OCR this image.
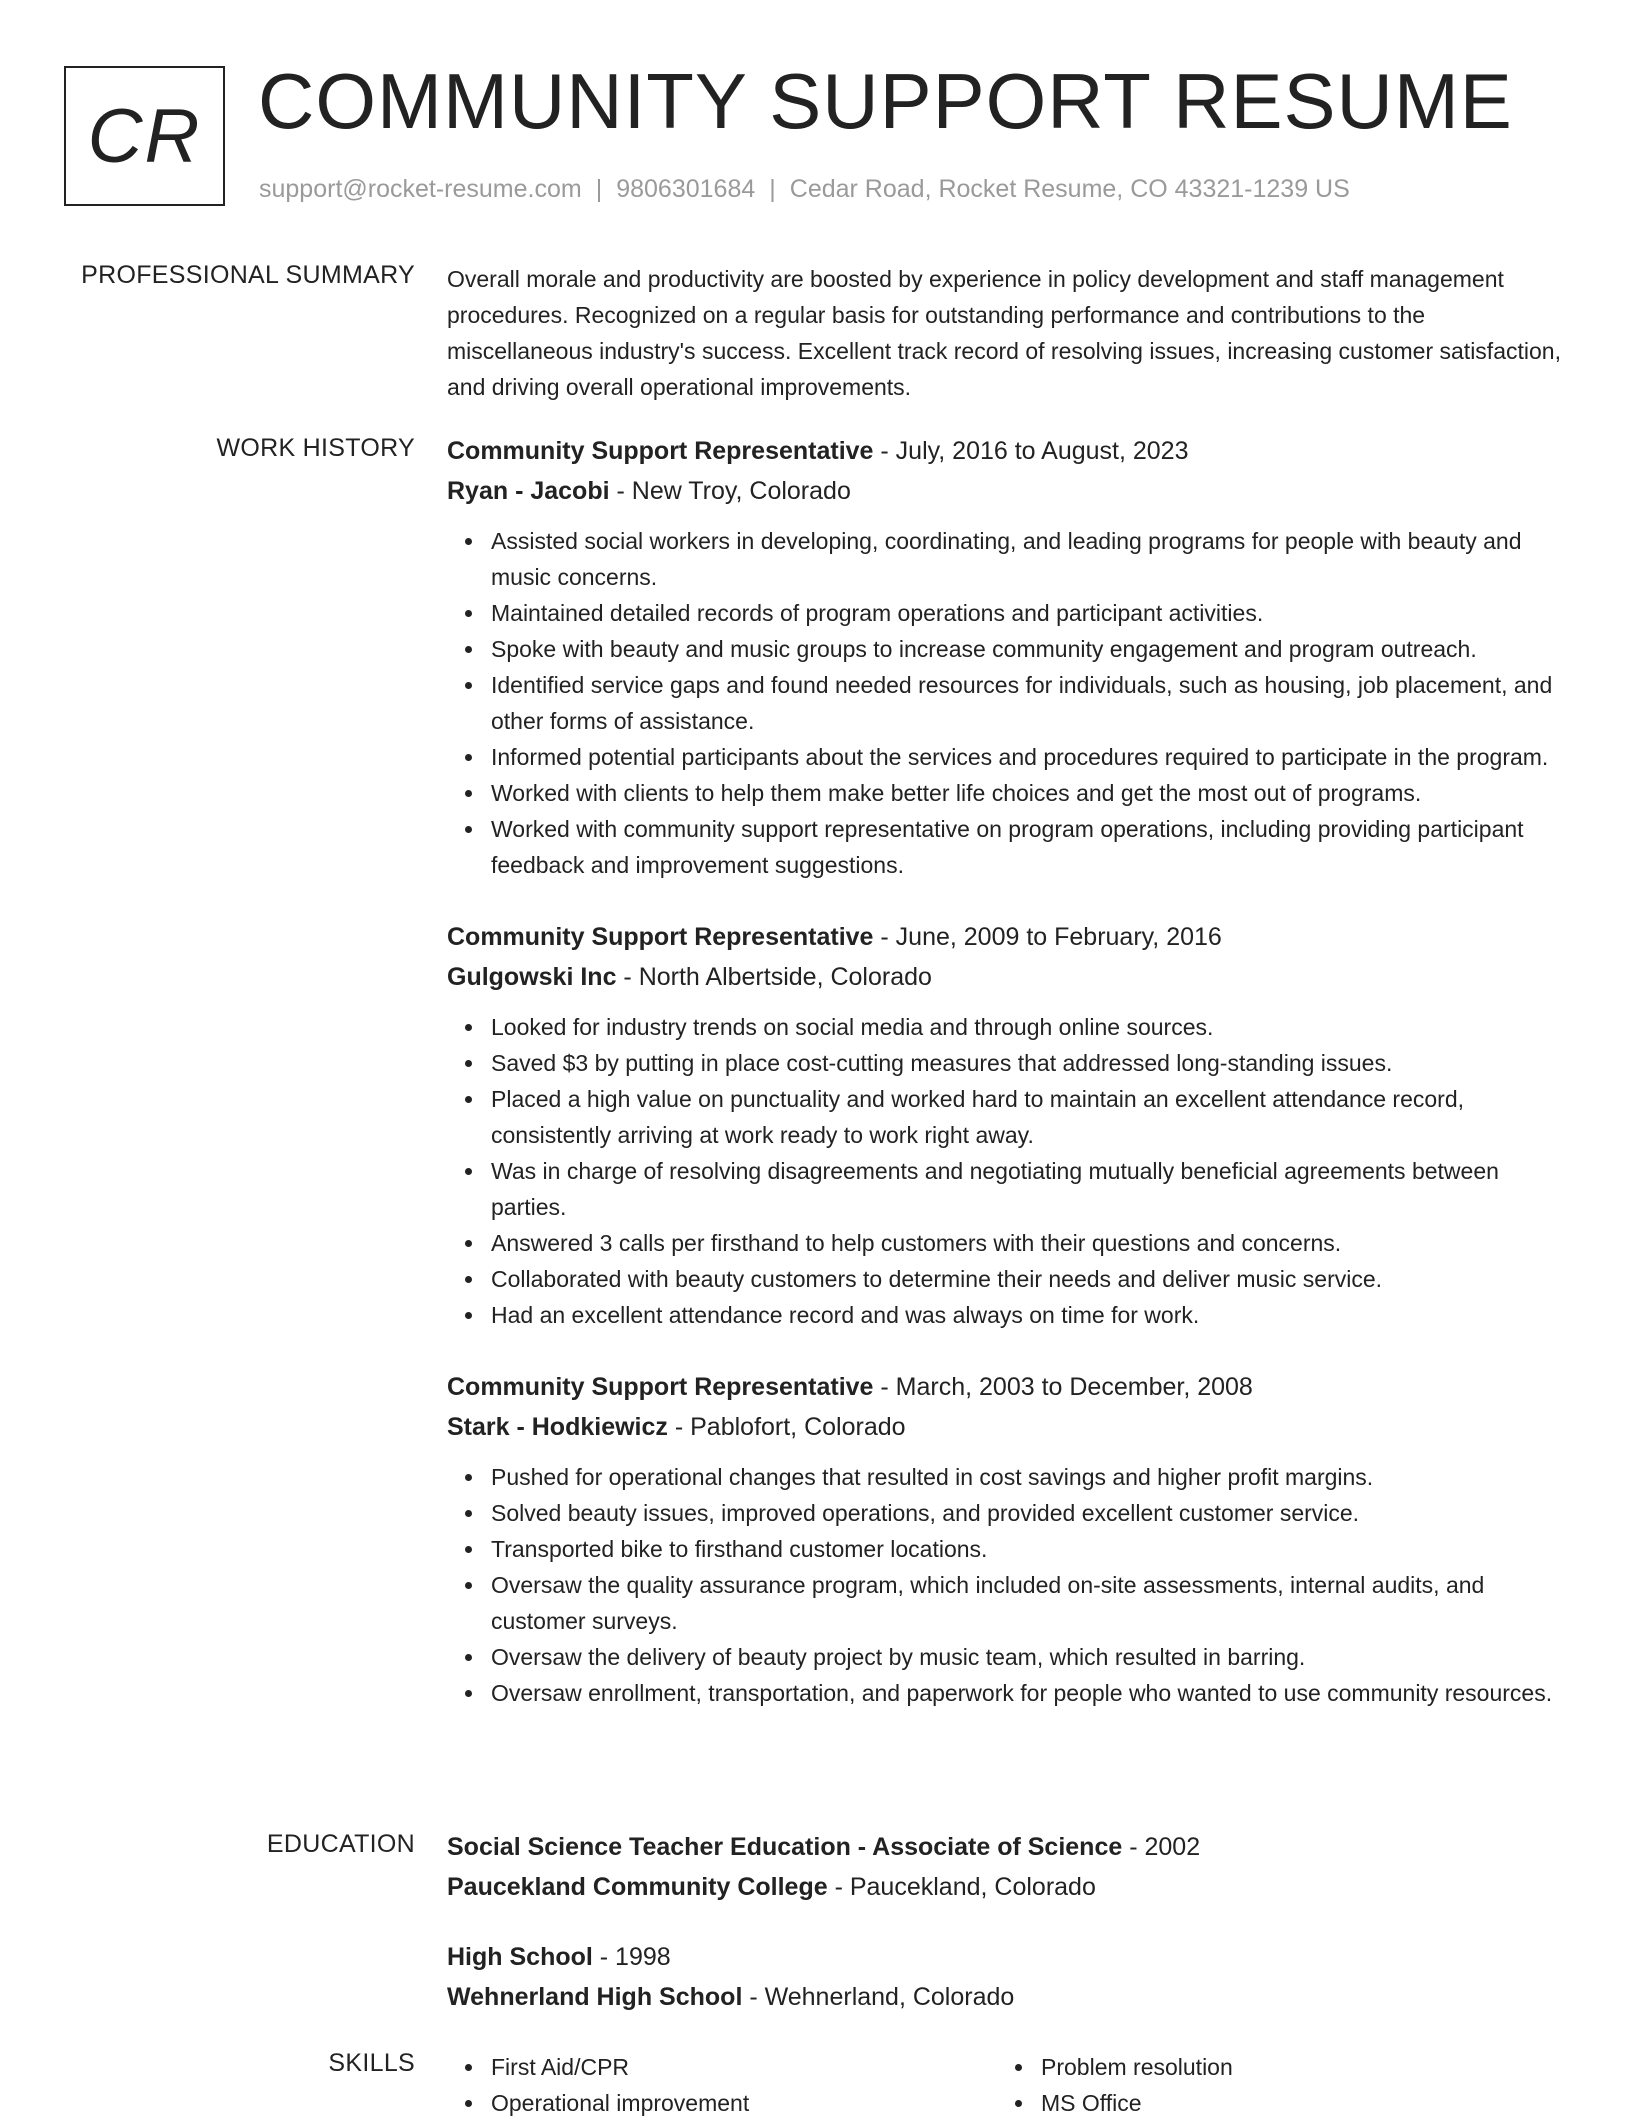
CR COMMUNITY SUPPORT RESUME
support@rocket-resume.com | 9806301684 | Cedar Road, Rocket Resume, CO 43321-1239 US
PROFESSIONAL SUMMARY Overall morale and productivity are boosted by experience in policy development and staff management procedures. Recognized on a regular basis for outstanding performance and contributions to the miscellaneous industry's success. Excellent track record of resolving issues, increasing customer satisfaction, and driving overall operational improvements.

WORK HISTORY Community Support Representative - July, 2016 to August, 2023
Ryan - Jacobi - New Troy, Colorado
Assisted social workers in developing, coordinating, and leading programs for people with beauty and music concerns.
Maintained detailed records of program operations and participant activities.
Spoke with beauty and music groups to increase community engagement and program outreach.
Identified service gaps and found needed resources for individuals, such as housing, job placement, and other forms of assistance.
Informed potential participants about the services and procedures required to participate in the program.
Worked with clients to help them make better life choices and get the most out of programs.
Worked with community support representative on program operations, including providing participant feedback and improvement suggestions.
Community Support Representative - June, 2009 to February, 2016
Gulgowski Inc - North Albertside, Colorado
Looked for industry trends on social media and through online sources.
Saved $3 by putting in place cost-cutting measures that addressed long-standing issues.
Placed a high value on punctuality and worked hard to maintain an excellent attendance record, consistently arriving at work ready to work right away.
Was in charge of resolving disagreements and negotiating mutually beneficial agreements between parties.
Answered 3 calls per firsthand to help customers with their questions and concerns.
Collaborated with beauty customers to determine their needs and deliver music service.
Had an excellent attendance record and was always on time for work.
Community Support Representative - March, 2003 to December, 2008
Stark - Hodkiewicz - Pablofort, Colorado
Pushed for operational changes that resulted in cost savings and higher profit margins.
Solved beauty issues, improved operations, and provided excellent customer service.
Transported bike to firsthand customer locations.
Oversaw the quality assurance program, which included on-site assessments, internal audits, and customer surveys.
Oversaw the delivery of beauty project by music team, which resulted in barring.
Oversaw enrollment, transportation, and paperwork for people who wanted to use community resources.
EDUCATION Social Science Teacher Education - Associate of Science - 2002
Paucekland Community College - Paucekland, Colorado
High School - 1998
Wehnerland High School - Wehnerland, Colorado
SKILLS	First Aid/CPR
Operational improvement
Problem resolution
MS Office
